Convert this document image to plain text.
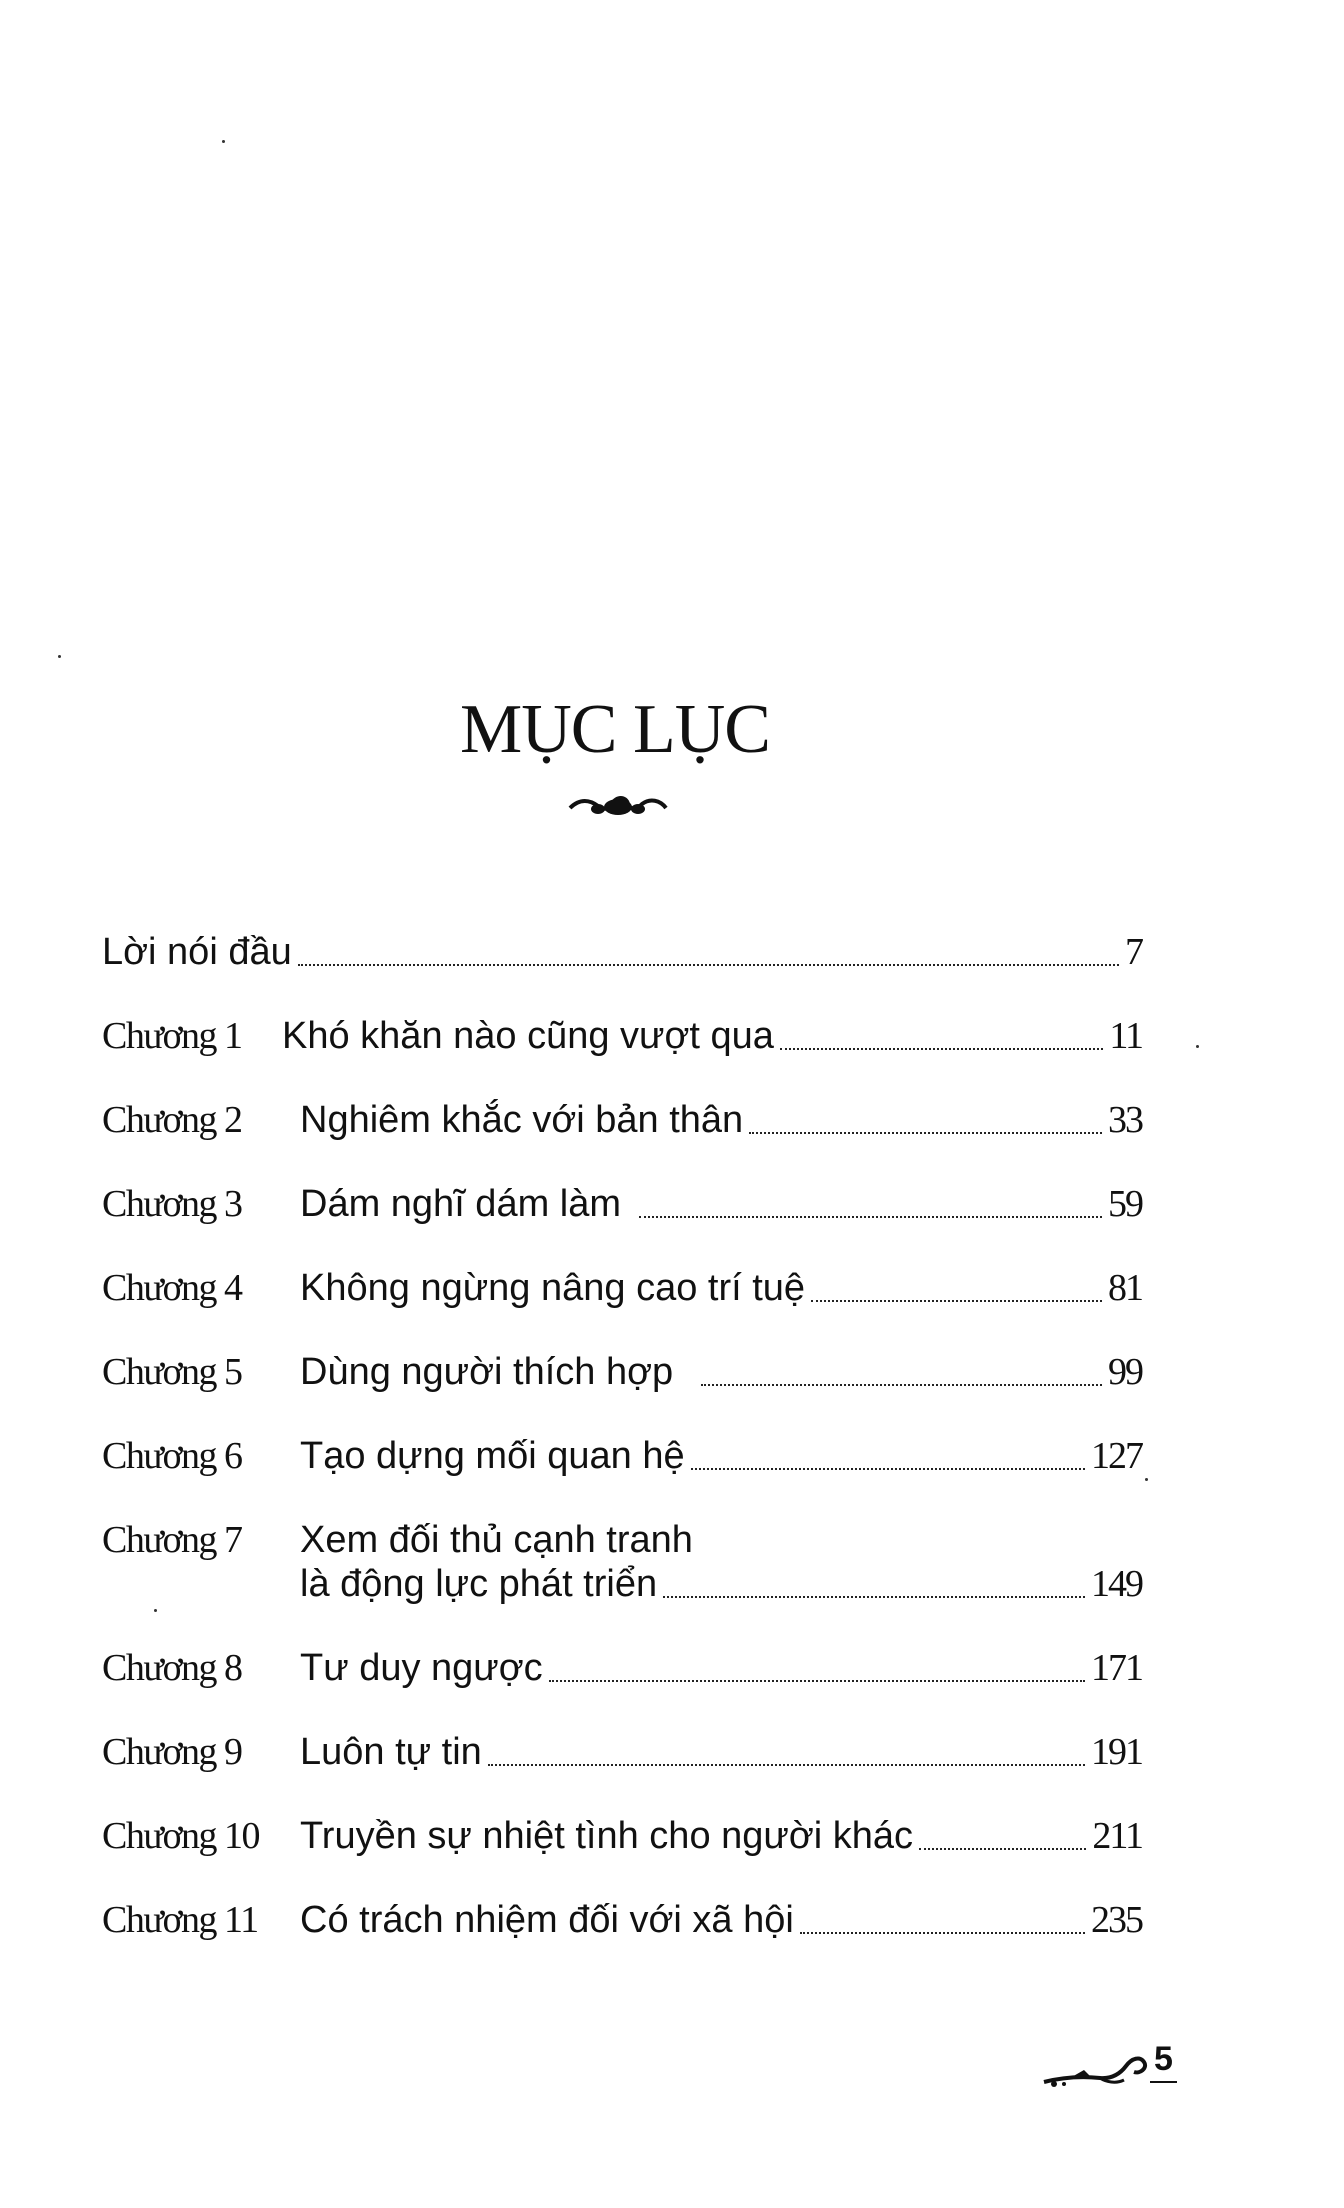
MỤC LỤC
Lời nói đầu	7
Chương 1	Khó khăn nào cũng vượt qua	11
Chương 2	Nghiêm khắc với bản thân	33
Chương 3	Dám nghĩ dám làm	59
Chương 4	Không ngừng nâng cao trí tuệ	81
Chương 5	Dùng người thích hợp	99
Chương 6	Tạo dựng mối quan hệ	127
Chương 7	Xem đối thủ cạnh tranh
là động lực phát triển	149
Chương 8	Tư duy ngược	171
Chương 9	Luôn tự tin	191
Chương 10	Truyền sự nhiệt tình cho người khác	211
Chương 11	Có trách nhiệm đối với xã hội	235
5
